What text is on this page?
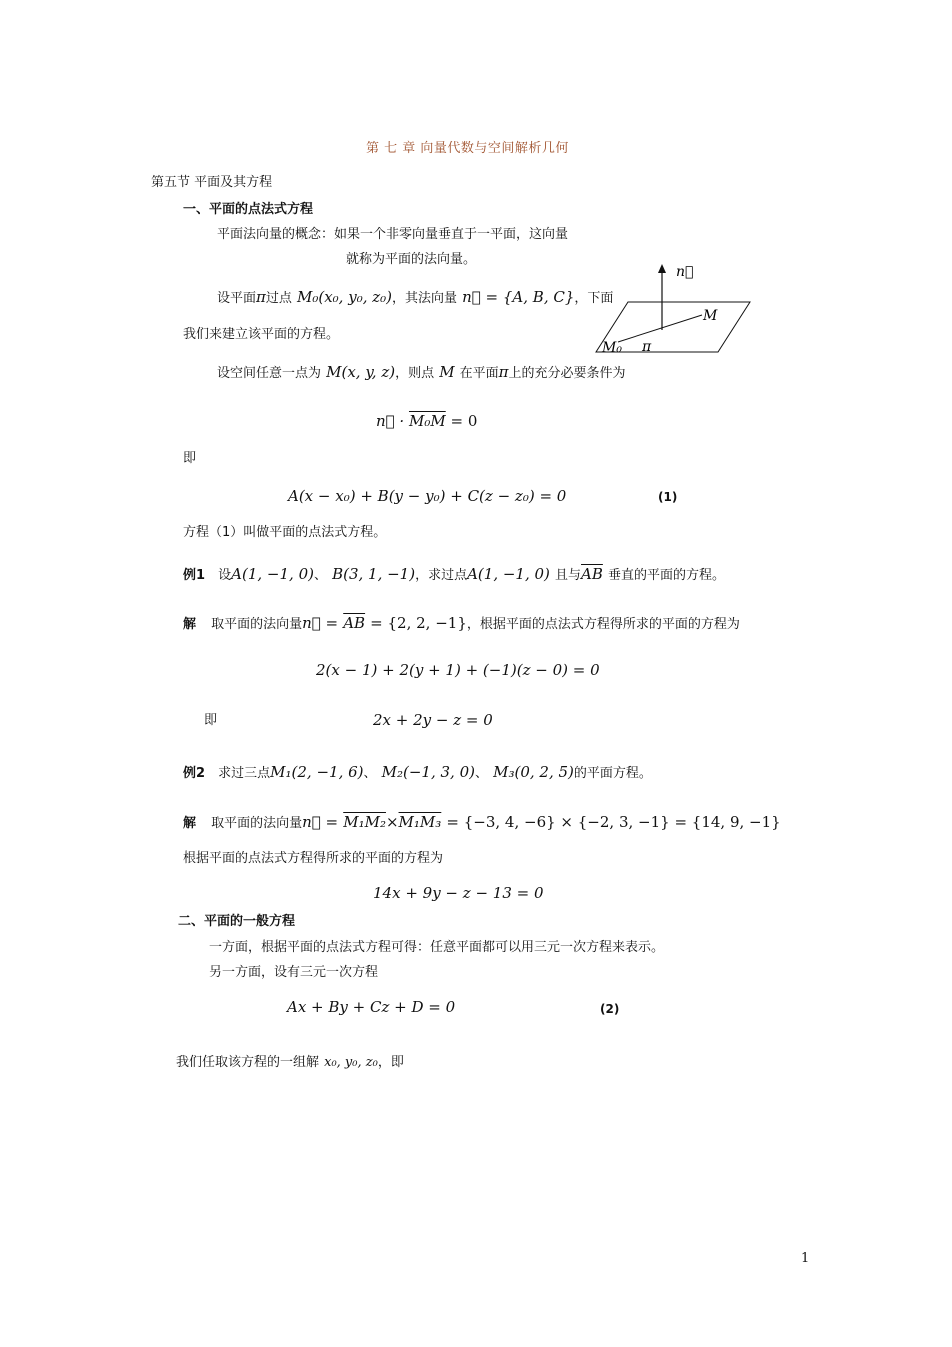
第 七 章 向量代数与空间解析几何
第五节 平面及其方程
一、平面的点法式方程
平面法向量的概念：如果一个非零向量垂直于一平面，这向量
就称为平面的法向量。
设平面π过点 M₀(x₀, y₀, z₀)，其法向量 n⃗ = {A, B, C}，下面
我们来建立该平面的方程。
n⃗
M
M₀ π
设空间任意一点为 M(x, y, z)，则点 M 在平面π上的充分必要条件为
n⃗ · M₀M = 0
即
A(x − x₀) + B(y − y₀) + C(z − z₀) = 0	(1)
方程（1）叫做平面的点法式方程。
例1 设A(1, −1, 0)、 B(3, 1, −1)，求过点A(1, −1, 0) 且与$\overline{AB}$ 垂直的平面的方程。
解 取平面的法向量n⃗ = $\overline{AB} = \{2$, 2, −1}，根据平面的点法式方程得所求的平面的方程为
2(x − 1) + 2(y + 1) + (−1)(z − 0) = 0
即	2x + 2y − z = 0
例2 求过三点M₁(2, −1, 6)、 M₂(−1, 3, 0)、 M₃(0, 2, 5)的平面方程。
解 取平面的法向量n⃗ = M₁M₂×M₁M₃ = {−3, 4, −6} × {−2, 3, −1} = {14, 9, −1}
根据平面的点法式方程得所求的平面的方程为
14x + 9y − z − 13 = 0
二、平面的一般方程
一方面，根据平面的点法式方程可得：任意平面都可以用三元一次方程来表示。
另一方面，设有三元一次方程
Ax + By + Cz + D = 0	(2)
我们任取该方程的一组解 x₀, y₀, z₀，即
1
